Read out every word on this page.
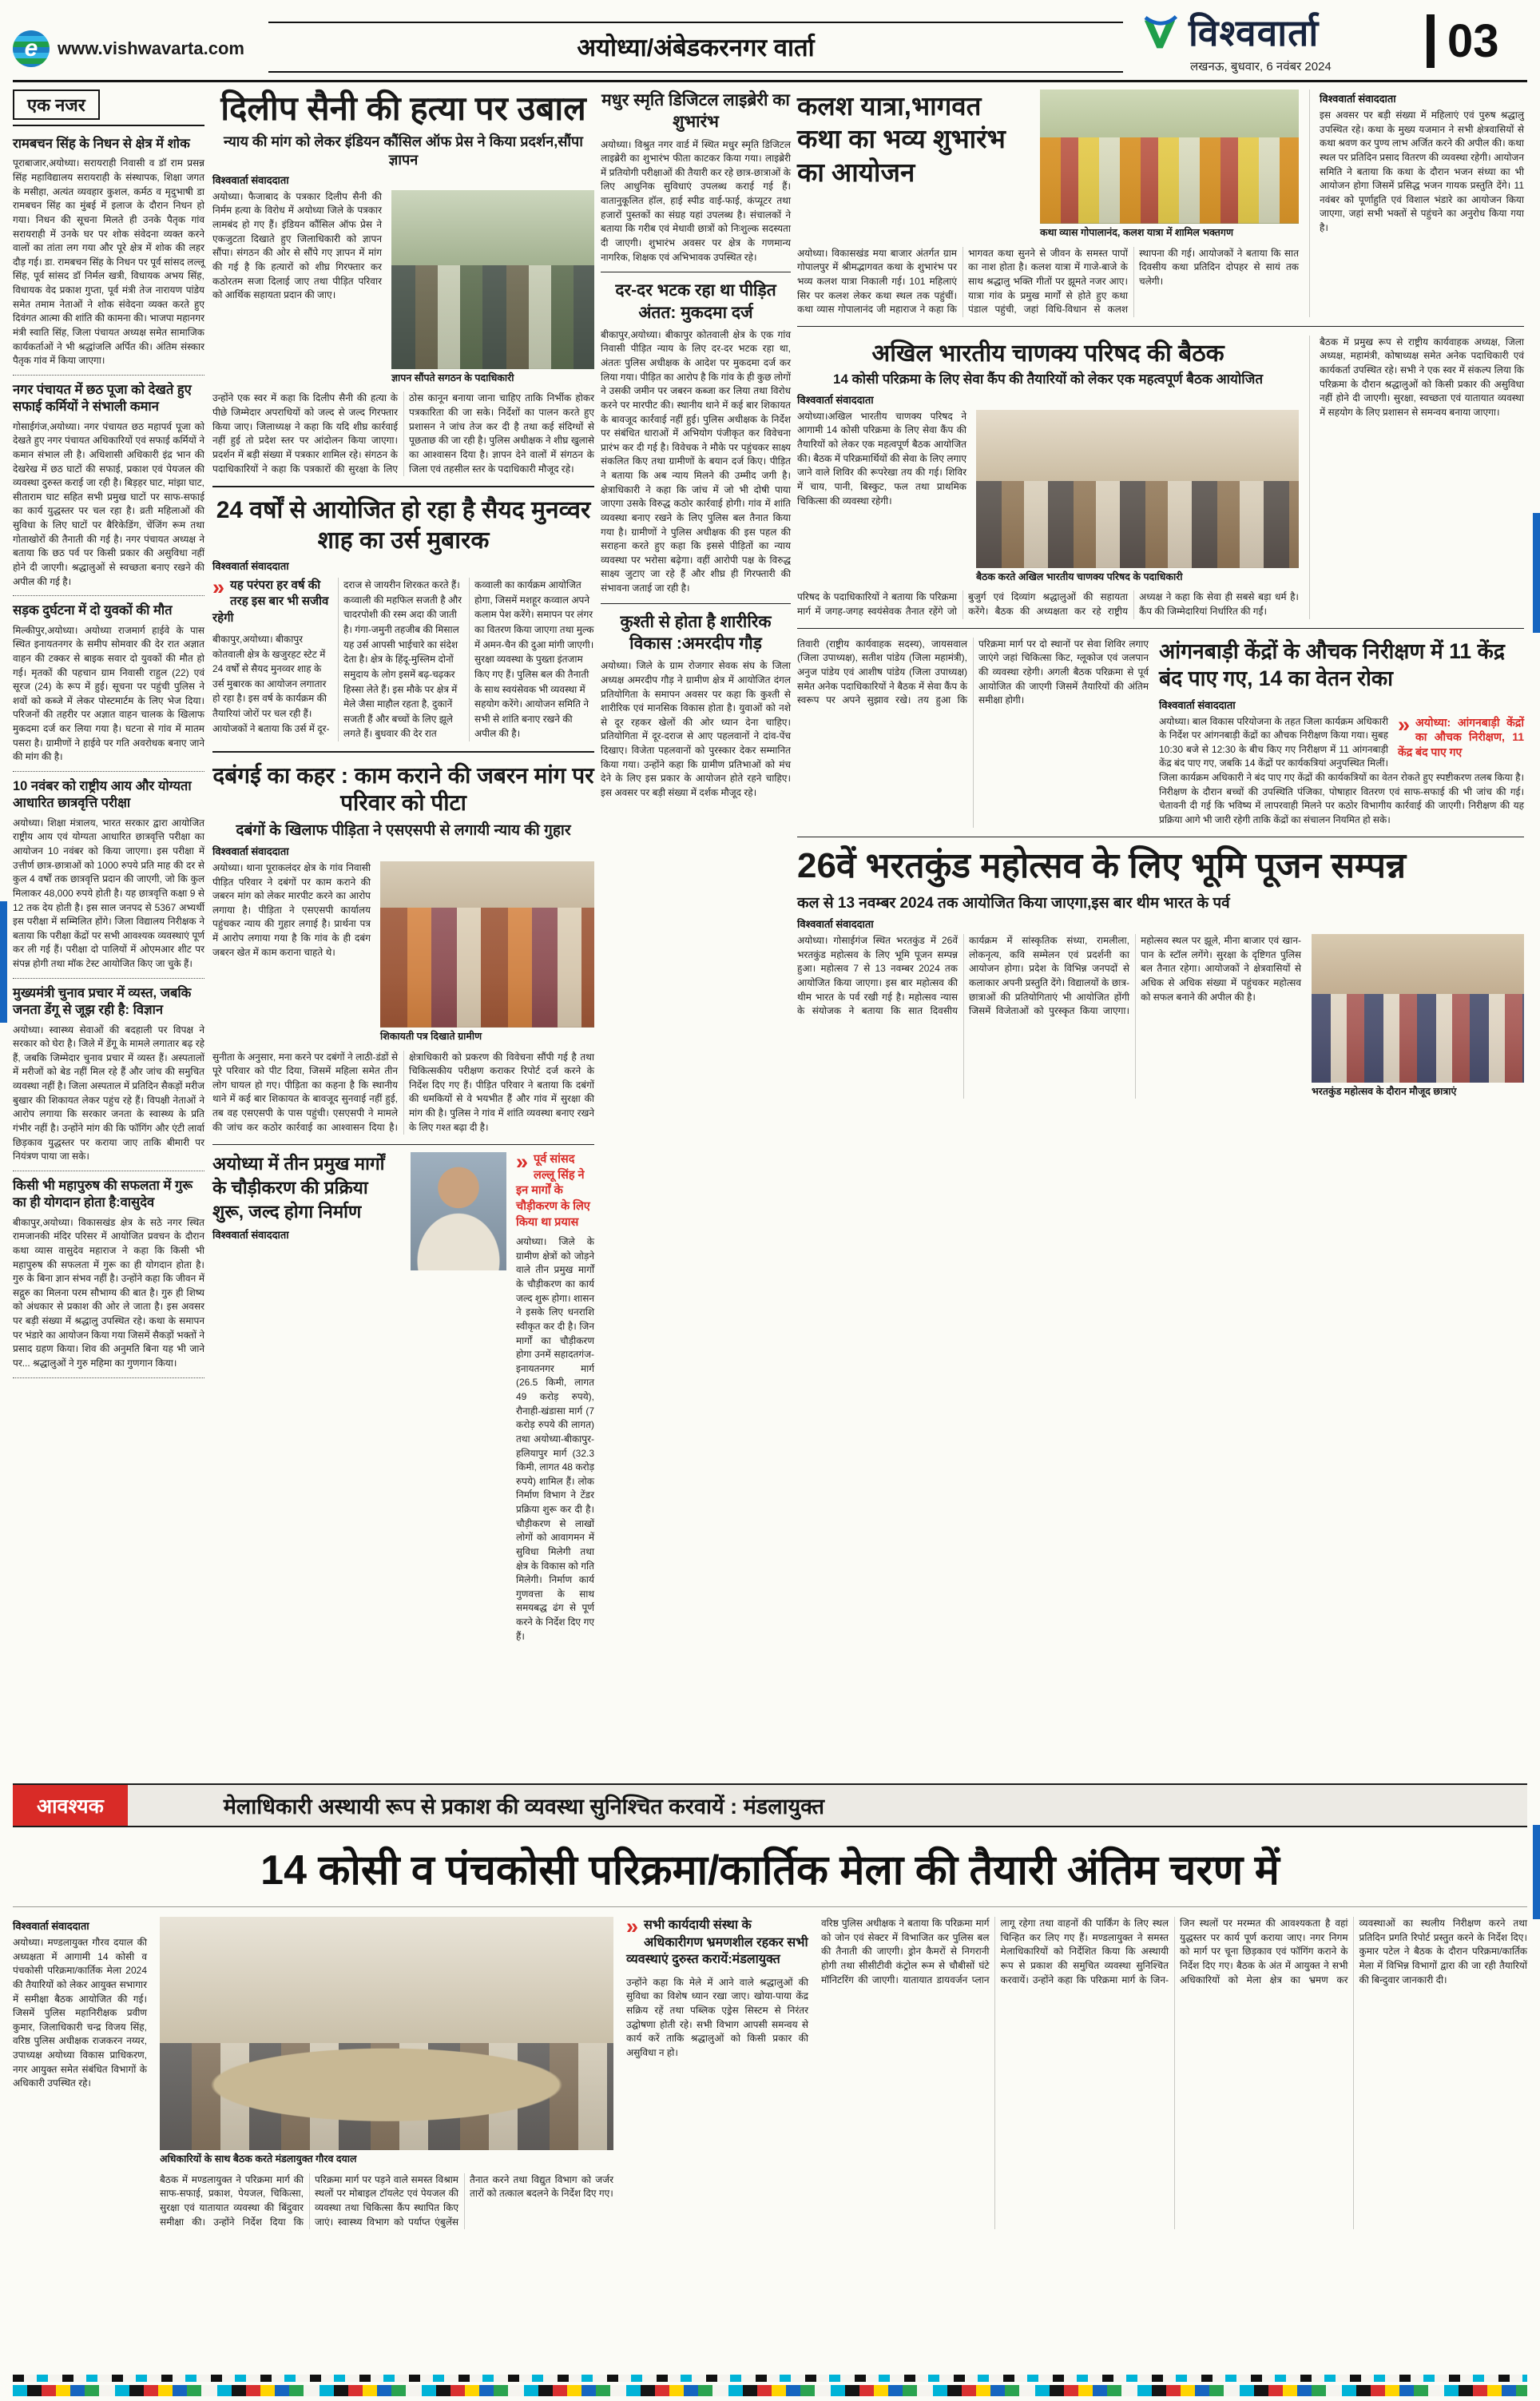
e	www.vishwavarta.com	अयोध्या/अंबेडकरनगर वार्ता	विश्ववार्ता
लखनऊ, बुधवार, 6 नवंबर 2024	03
एक नजर
रामबचन सिंह के निधन से क्षेत्र में शोक

पूराबाजार,अयोध्या। सरायराही निवासी व डॉ राम प्रसन्न सिंह महाविद्यालय सरायराही के संस्थापक, शिक्षा जगत के मसीहा, अत्यंत व्यवहार कुशल, कर्मठ व मृदुभाषी डा रामबचन सिंह का मुंबई में इलाज के दौरान निधन हो गया। निधन की सूचना मिलते ही उनके पैतृक गांव सरायराही में उनके घर पर शोक संवेदना व्यक्त करने वालों का तांता लग गया और पूरे क्षेत्र में शोक की लहर दौड़ गई। डा. रामबचन सिंह के निधन पर पूर्व सांसद लल्लू सिंह, पूर्व सांसद डॉ निर्मल खत्री, विधायक अभय सिंह, विधायक वेद प्रकाश गुप्ता, पूर्व मंत्री तेज नारायण पांडेय समेत तमाम नेताओं ने शोक संवेदना व्यक्त करते हुए दिवंगत आत्मा की शांति की कामना की। भाजपा महानगर मंत्री स्वाति सिंह, जिला पंचायत अध्यक्ष समेत सामाजिक कार्यकर्ताओं ने भी श्रद्धांजलि अर्पित की। अंतिम संस्कार पैतृक गांव में किया जाएगा।

नगर पंचायत में छठ पूजा को देखते हुए सफाई कर्मियों ने संभाली कमान

गोसाईगंज,अयोध्या। नगर पंचायत छठ महापर्व पूजा को देखते हुए नगर पंचायत अधिकारियों एवं सफाई कर्मियों ने कमान संभाल ली है। अधिशासी अधिकारी इंद्र भान की देखरेख में छठ घाटों की सफाई, प्रकाश एवं पेयजल की व्यवस्था दुरुस्त कराई जा रही है। बिड़हर घाट, मांझा घाट, सीताराम घाट सहित सभी प्रमुख घाटों पर साफ-सफाई का कार्य युद्धस्तर पर चल रहा है। व्रती महिलाओं की सुविधा के लिए घाटों पर बैरिकेडिंग, चेंजिंग रूम तथा गोताखोरों की तैनाती की गई है। नगर पंचायत अध्यक्ष ने बताया कि छठ पर्व पर किसी प्रकार की असुविधा नहीं होने दी जाएगी। श्रद्धालुओं से स्वच्छता बनाए रखने की अपील की गई है।

सड़क दुर्घटना में दो युवकों की मौत

मिल्कीपुर,अयोध्या। अयोध्या राजमार्ग हाईवे के पास स्थित इनायतनगर के समीप सोमवार की देर रात अज्ञात वाहन की टक्कर से बाइक सवार दो युवकों की मौत हो गई। मृतकों की पहचान ग्राम निवासी राहुल (22) एवं सूरज (24) के रूप में हुई। सूचना पर पहुंची पुलिस ने शवों को कब्जे में लेकर पोस्टमार्टम के लिए भेज दिया। परिजनों की तहरीर पर अज्ञात वाहन चालक के खिलाफ मुकदमा दर्ज कर लिया गया है। घटना से गांव में मातम पसरा है। ग्रामीणों ने हाईवे पर गति अवरोधक बनाए जाने की मांग की है।

10 नवंबर को राष्ट्रीय आय और योग्यता आधारित छात्रवृत्ति परीक्षा

अयोध्या। शिक्षा मंत्रालय, भारत सरकार द्वारा आयोजित राष्ट्रीय आय एवं योग्यता आधारित छात्रवृत्ति परीक्षा का आयोजन 10 नवंबर को किया जाएगा। इस परीक्षा में उत्तीर्ण छात्र-छात्राओं को 1000 रुपये प्रति माह की दर से कुल 4 वर्षों तक छात्रवृत्ति प्रदान की जाएगी, जो कि कुल मिलाकर 48,000 रुपये होती है। यह छात्रवृत्ति कक्षा 9 से 12 तक देय होती है। इस साल जनपद से 5367 अभ्यर्थी इस परीक्षा में सम्मिलित होंगे। जिला विद्यालय निरीक्षक ने बताया कि परीक्षा केंद्रों पर सभी आवश्यक व्यवस्थाएं पूर्ण कर ली गई हैं। परीक्षा दो पालियों में ओएमआर शीट पर संपन्न होगी तथा मॉक टेस्ट आयोजित किए जा चुके हैं।

मुख्यमंत्री चुनाव प्रचार में व्यस्त, जबकि जनता डेंगू से जूझ रही है: विज्ञान

अयोध्या। स्वास्थ्य सेवाओं की बदहाली पर विपक्ष ने सरकार को घेरा है। जिले में डेंगू के मामले लगातार बढ़ रहे हैं, जबकि जिम्मेदार चुनाव प्रचार में व्यस्त हैं। अस्पतालों में मरीजों को बेड नहीं मिल रहे हैं और जांच की समुचित व्यवस्था नहीं है। जिला अस्पताल में प्रतिदिन सैकड़ों मरीज बुखार की शिकायत लेकर पहुंच रहे हैं। विपक्षी नेताओं ने आरोप लगाया कि सरकार जनता के स्वास्थ्य के प्रति गंभीर नहीं है। उन्होंने मांग की कि फॉगिंग और एंटी लार्वा छिड़काव युद्धस्तर पर कराया जाए ताकि बीमारी पर नियंत्रण पाया जा सके।

किसी भी महापुरुष की सफलता में गुरू का ही योगदान होता है:वासुदेव

बीकापुर,अयोध्या। विकासखंड क्षेत्र के सठे नगर स्थित रामजानकी मंदिर परिसर में आयोजित प्रवचन के दौरान कथा व्यास वासुदेव महाराज ने कहा कि किसी भी महापुरुष की सफलता में गुरू का ही योगदान होता है। गुरु के बिना ज्ञान संभव नहीं है। उन्होंने कहा कि जीवन में सद्गुरु का मिलना परम सौभाग्य की बात है। गुरु ही शिष्य को अंधकार से प्रकाश की ओर ले जाता है। इस अवसर पर बड़ी संख्या में श्रद्धालु उपस्थित रहे। कथा के समापन पर भंडारे का आयोजन किया गया जिसमें सैकड़ों भक्तों ने प्रसाद ग्रहण किया। शिव की अनुमति बिना यह भी जाने पर... श्रद्धालुओं ने गुरु महिमा का गुणगान किया।

दिलीप सैनी की हत्या पर उबाल
न्याय की मांग को लेकर इंडियन कौंसिल ऑफ प्रेस ने किया प्रदर्शन,सौंपा ज्ञापन
विश्ववार्ता संवाददाता

अयोध्या। फैजाबाद के पत्रकार दिलीप सैनी की निर्मम हत्या के विरोध में अयोध्या जिले के पत्रकार लामबंद हो गए हैं। इंडियन कौंसिल ऑफ प्रेस ने एकजुटता दिखाते हुए जिलाधिकारी को ज्ञापन सौंपा। संगठन की ओर से सौंपे गए ज्ञापन में मांग की गई है कि हत्यारों को शीघ्र गिरफ्तार कर कठोरतम सजा दिलाई जाए तथा पीड़ित परिवार को आर्थिक सहायता प्रदान की जाए।

ज्ञापन सौंपते सगठन के पदाधिकारी
उन्होंने एक स्वर में कहा कि दिलीप सैनी की हत्या के पीछे जिम्मेदार अपराधियों को जल्द से जल्द गिरफ्तार किया जाए। जिलाध्यक्ष ने कहा कि यदि शीघ्र कार्रवाई नहीं हुई तो प्रदेश स्तर पर आंदोलन किया जाएगा। प्रदर्शन में बड़ी संख्या में पत्रकार शामिल रहे। संगठन के पदाधिकारियों ने कहा कि पत्रकारों की सुरक्षा के लिए ठोस कानून बनाया जाना चाहिए ताकि निर्भीक होकर पत्रकारिता की जा सके। निर्देशों का पालन करते हुए प्रशासन ने जांच तेज कर दी है तथा कई संदिग्धों से पूछताछ की जा रही है। पुलिस अधीक्षक ने शीघ्र खुलासे का आश्वासन दिया है। ज्ञापन देने वालों में संगठन के जिला एवं तहसील स्तर के पदाधिकारी मौजूद रहे।
24 वर्षों से आयोजित हो रहा है सैयद मुनव्वर शाह का उर्स मुबारक
विश्ववार्ता संवाददाता
» यह परंपरा हर वर्ष की तरह इस बार भी सजीव रहेगी
बीकापुर,अयोध्या। बीकापुर कोतवाली क्षेत्र के खजुरहट स्टेट में 24 वर्षों से सैयद मुनव्वर शाह के उर्स मुबारक का आयोजन लगातार हो रहा है। इस वर्ष के कार्यक्रम की तैयारियां जोरों पर चल रही हैं। आयोजकों ने बताया कि उर्स में दूर-दराज से जायरीन शिरकत करते हैं। कव्वाली की महफिल सजती है और चादरपोशी की रस्म अदा की जाती है। गंगा-जमुनी तहजीब की मिसाल यह उर्स आपसी भाईचारे का संदेश देता है। क्षेत्र के हिंदू-मुस्लिम दोनों समुदाय के लोग इसमें बढ़-चढ़कर हिस्सा लेते हैं। इस मौके पर क्षेत्र में मेले जैसा माहौल रहता है, दुकानें सजती हैं और बच्चों के लिए झूले लगते हैं। बुधवार की देर रात कव्वाली का कार्यक्रम आयोजित होगा, जिसमें मशहूर कव्वाल अपने कलाम पेश करेंगे। समापन पर लंगर का वितरण किया जाएगा तथा मुल्क में अमन-चैन की दुआ मांगी जाएगी। सुरक्षा व्यवस्था के पुख्ता इंतजाम किए गए हैं। पुलिस बल की तैनाती के साथ स्वयंसेवक भी व्यवस्था में सहयोग करेंगे। आयोजन समिति ने सभी से शांति बनाए रखने की अपील की है।
दबंगई का कहर : काम कराने की जबरन मांग पर परिवार को पीटा
दबंगों के खिलाफ पीड़िता ने एसएसपी से लगायी न्याय की गुहार
विश्ववार्ता संवाददाता

अयोध्या। थाना पूराकलंदर क्षेत्र के गांव निवासी पीड़ित परिवार ने दबंगों पर काम कराने की जबरन मांग को लेकर मारपीट करने का आरोप लगाया है। पीड़िता ने एसएसपी कार्यालय पहुंचकर न्याय की गुहार लगाई है। प्रार्थना पत्र में आरोप लगाया गया है कि गांव के ही दबंग जबरन खेत में काम कराना चाहते थे।

शिकायती पत्र दिखाते ग्रामीण
सुनीता के अनुसार, मना करने पर दबंगों ने लाठी-डंडों से पूरे परिवार को पीट दिया, जिसमें महिला समेत तीन लोग घायल हो गए। पीड़िता का कहना है कि स्थानीय थाने में कई बार शिकायत के बावजूद सुनवाई नहीं हुई, तब वह एसएसपी के पास पहुंची। एसएसपी ने मामले की जांच कर कठोर कार्रवाई का आश्वासन दिया है। क्षेत्राधिकारी को प्रकरण की विवेचना सौंपी गई है तथा चिकित्सकीय परीक्षण कराकर रिपोर्ट दर्ज करने के निर्देश दिए गए हैं। पीड़ित परिवार ने बताया कि दबंगों की धमकियों से वे भयभीत हैं और गांव में सुरक्षा की मांग की है। पुलिस ने गांव में शांति व्यवस्था बनाए रखने के लिए गश्त बढ़ा दी है।
अयोध्या में तीन प्रमुख मार्गों के चौड़ीकरण की प्रक्रिया शुरू, जल्द होगा निर्माण
विश्ववार्ता संवाददाता
» पूर्व सांसद लल्लू सिंह ने इन मार्गों के चौड़ीकरण के लिए किया था प्रयास

अयोध्या। जिले के ग्रामीण क्षेत्रों को जोड़ने वाले तीन प्रमुख मार्गों के चौड़ीकरण का कार्य जल्द शुरू होगा। शासन ने इसके लिए धनराशि स्वीकृत कर दी है। जिन मार्गों का चौड़ीकरण होगा उनमें सहादतगंज-इनायतनगर मार्ग (26.5 किमी, लागत 49 करोड़ रुपये), रौनाही-खंडासा मार्ग (7 करोड़ रुपये की लागत) तथा अयोध्या-बीकापुर-हलियापुर मार्ग (32.3 किमी, लागत 48 करोड़ रुपये) शामिल हैं। लोक निर्माण विभाग ने टेंडर प्रक्रिया शुरू कर दी है। चौड़ीकरण से लाखों लोगों को आवागमन में सुविधा मिलेगी तथा क्षेत्र के विकास को गति मिलेगी। निर्माण कार्य गुणवत्ता के साथ समयबद्ध ढंग से पूर्ण करने के निर्देश दिए गए हैं।

मधुर स्मृति डिजिटल लाइब्रेरी का शुभारंभ

अयोध्या। विश्रुत नगर वार्ड में स्थित मधुर स्मृति डिजिटल लाइब्रेरी का शुभारंभ फीता काटकर किया गया। लाइब्रेरी में प्रतियोगी परीक्षाओं की तैयारी कर रहे छात्र-छात्राओं के लिए आधुनिक सुविधाएं उपलब्ध कराई गई हैं। वातानुकूलित हॉल, हाई स्पीड वाई-फाई, कंप्यूटर तथा हजारों पुस्तकों का संग्रह यहां उपलब्ध है। संचालकों ने बताया कि गरीब एवं मेधावी छात्रों को निःशुल्क सदस्यता दी जाएगी। शुभारंभ अवसर पर क्षेत्र के गणमान्य नागरिक, शिक्षक एवं अभिभावक उपस्थित रहे।

दर-दर भटक रहा था पीड़ित अंतत: मुकदमा दर्ज

बीकापुर,अयोध्या। बीकापुर कोतवाली क्षेत्र के एक गांव निवासी पीड़ित न्याय के लिए दर-दर भटक रहा था, अंततः पुलिस अधीक्षक के आदेश पर मुकदमा दर्ज कर लिया गया। पीड़ित का आरोप है कि गांव के ही कुछ लोगों ने उसकी जमीन पर जबरन कब्जा कर लिया तथा विरोध करने पर मारपीट की। स्थानीय थाने में कई बार शिकायत के बावजूद कार्रवाई नहीं हुई। पुलिस अधीक्षक के निर्देश पर संबंधित धाराओं में अभियोग पंजीकृत कर विवेचना प्रारंभ कर दी गई है। विवेचक ने मौके पर पहुंचकर साक्ष्य संकलित किए तथा ग्रामीणों के बयान दर्ज किए। पीड़ित ने बताया कि अब न्याय मिलने की उम्मीद जगी है। क्षेत्राधिकारी ने कहा कि जांच में जो भी दोषी पाया जाएगा उसके विरुद्ध कठोर कार्रवाई होगी। गांव में शांति व्यवस्था बनाए रखने के लिए पुलिस बल तैनात किया गया है। ग्रामीणों ने पुलिस अधीक्षक की इस पहल की सराहना करते हुए कहा कि इससे पीड़ितों का न्याय व्यवस्था पर भरोसा बढ़ेगा। वहीं आरोपी पक्ष के विरुद्ध साक्ष्य जुटाए जा रहे हैं और शीघ्र ही गिरफ्तारी की संभावना जताई जा रही है।

कुश्ती से होता है शारीरिक विकास :अमरदीप गौड़

अयोध्या। जिले के ग्राम रोजगार सेवक संघ के जिला अध्यक्ष अमरदीप गौड़ ने ग्रामीण क्षेत्र में आयोजित दंगल प्रतियोगिता के समापन अवसर पर कहा कि कुश्ती से शारीरिक एवं मानसिक विकास होता है। युवाओं को नशे से दूर रहकर खेलों की ओर ध्यान देना चाहिए। प्रतियोगिता में दूर-दराज से आए पहलवानों ने दांव-पेंच दिखाए। विजेता पहलवानों को पुरस्कार देकर सम्मानित किया गया। उन्होंने कहा कि ग्रामीण प्रतिभाओं को मंच देने के लिए इस प्रकार के आयोजन होते रहने चाहिए। इस अवसर पर बड़ी संख्या में दर्शक मौजूद रहे।

कलश यात्रा,भागवत कथा का भव्य शुभारंभ का आयोजन
कथा व्यास गोपालानंद, कलश यात्रा में शामिल भक्तगण
अयोध्या। विकासखंड मया बाजार अंतर्गत ग्राम गोपालपुर में श्रीमद्भागवत कथा के शुभारंभ पर भव्य कलश यात्रा निकाली गई। 101 महिलाएं सिर पर कलश लेकर कथा स्थल तक पहुंचीं। कथा व्यास गोपालानंद जी महाराज ने कहा कि भागवत कथा सुनने से जीवन के समस्त पापों का नाश होता है। कलश यात्रा में गाजे-बाजे के साथ श्रद्धालु भक्ति गीतों पर झूमते नजर आए। यात्रा गांव के प्रमुख मार्गों से होते हुए कथा पंडाल पहुंची, जहां विधि-विधान से कलश स्थापना की गई। आयोजकों ने बताया कि सात दिवसीय कथा प्रतिदिन दोपहर से सायं तक चलेगी।
विश्ववार्ता संवाददाता

इस अवसर पर बड़ी संख्या में महिलाएं एवं पुरुष श्रद्धालु उपस्थित रहे। कथा के मुख्य यजमान ने सभी क्षेत्रवासियों से कथा श्रवण कर पुण्य लाभ अर्जित करने की अपील की। कथा स्थल पर प्रतिदिन प्रसाद वितरण की व्यवस्था रहेगी। आयोजन समिति ने बताया कि कथा के दौरान भजन संध्या का भी आयोजन होगा जिसमें प्रसिद्ध भजन गायक प्रस्तुति देंगे। 11 नवंबर को पूर्णाहुति एवं विशाल भंडारे का आयोजन किया जाएगा, जहां सभी भक्तों से पहुंचने का अनुरोध किया गया है।

अखिल भारतीय चाणक्य परिषद की बैठक
14 कोसी परिक्रमा के लिए सेवा कैंप की तैयारियों को लेकर एक महत्वपूर्ण बैठक आयोजित
विश्ववार्ता संवाददाता

अयोध्या।अखिल भारतीय चाणक्य परिषद ने आगामी 14 कोसी परिक्रमा के लिए सेवा कैंप की तैयारियों को लेकर एक महत्वपूर्ण बैठक आयोजित की। बैठक में परिक्रमार्थियों की सेवा के लिए लगाए जाने वाले शिविर की रूपरेखा तय की गई। शिविर में चाय, पानी, बिस्कुट, फल तथा प्राथमिक चिकित्सा की व्यवस्था रहेगी।

बैठक करते अखिल भारतीय चाणक्य परिषद के पदाधिकारी
परिषद के पदाधिकारियों ने बताया कि परिक्रमा मार्ग में जगह-जगह स्वयंसेवक तैनात रहेंगे जो बुजुर्ग एवं दिव्यांग श्रद्धालुओं की सहायता करेंगे। बैठक की अध्यक्षता कर रहे राष्ट्रीय अध्यक्ष ने कहा कि सेवा ही सबसे बड़ा धर्म है। कैंप की जिम्मेदारियां निर्धारित की गईं।

बैठक में प्रमुख रूप से राष्ट्रीय कार्यवाहक अध्यक्ष, जिला अध्यक्ष, महामंत्री, कोषाध्यक्ष समेत अनेक पदाधिकारी एवं कार्यकर्ता उपस्थित रहे। सभी ने एक स्वर में संकल्प लिया कि परिक्रमा के दौरान श्रद्धालुओं को किसी प्रकार की असुविधा नहीं होने दी जाएगी। सुरक्षा, स्वच्छता एवं यातायात व्यवस्था में सहयोग के लिए प्रशासन से समन्वय बनाया जाएगा।

तिवारी (राष्ट्रीय कार्यवाहक सदस्य), जायसवाल (जिला उपाध्यक्ष), सतीश पांडेय (जिला महामंत्री), अनुज पांडेय एवं आशीष पांडेय (जिला उपाध्यक्ष) समेत अनेक पदाधिकारियों ने बैठक में सेवा कैंप के स्वरूप पर अपने सुझाव रखे। तय हुआ कि परिक्रमा मार्ग पर दो स्थानों पर सेवा शिविर लगाए जाएंगे जहां चिकित्सा किट, ग्लूकोज एवं जलपान की व्यवस्था रहेगी। अगली बैठक परिक्रमा से पूर्व आयोजित की जाएगी जिसमें तैयारियों की अंतिम समीक्षा होगी।
आंगनबाड़ी केंद्रों के औचक निरीक्षण में 11 केंद्र बंद पाए गए, 14 का वेतन रोका
विश्ववार्ता संवाददाता
» अयोध्या: आंगनबाड़ी केंद्रों का औचक निरीक्षण, 11 केंद्र बंद पाए गए
अयोध्या। बाल विकास परियोजना के तहत जिला कार्यक्रम अधिकारी के निर्देश पर आंगनबाड़ी केंद्रों का औचक निरीक्षण किया गया। सुबह 10:30 बजे से 12:30 के बीच किए गए निरीक्षण में 11 आंगनबाड़ी केंद्र बंद पाए गए, जबकि 14 केंद्रों पर कार्यकत्रियां अनुपस्थित मिलीं। जिला कार्यक्रम अधिकारी ने बंद पाए गए केंद्रों की कार्यकत्रियों का वेतन रोकते हुए स्पष्टीकरण तलब किया है। निरीक्षण के दौरान बच्चों की उपस्थिति पंजिका, पोषाहार वितरण एवं साफ-सफाई की भी जांच की गई। चेतावनी दी गई कि भविष्य में लापरवाही मिलने पर कठोर विभागीय कार्रवाई की जाएगी। निरीक्षण की यह प्रक्रिया आगे भी जारी रहेगी ताकि केंद्रों का संचालन नियमित हो सके।
26वें भरतकुंड महोत्सव के लिए भूमि पूजन सम्पन्न
कल से 13 नवम्बर 2024 तक आयोजित किया जाएगा,इस बार थीम भारत के पर्व
विश्ववार्ता संवाददाता
अयोध्या। गोसाईगंज स्थित भरतकुंड में 26वें भरतकुंड महोत्सव के लिए भूमि पूजन सम्पन्न हुआ। महोत्सव 7 से 13 नवम्बर 2024 तक आयोजित किया जाएगा। इस बार महोत्सव की थीम भारत के पर्व रखी गई है। महोत्सव न्यास के संयोजक ने बताया कि सात दिवसीय कार्यक्रम में सांस्कृतिक संध्या, रामलीला, लोकनृत्य, कवि सम्मेलन एवं प्रदर्शनी का आयोजन होगा। प्रदेश के विभिन्न जनपदों से कलाकार अपनी प्रस्तुति देंगे। विद्यालयों के छात्र-छात्राओं की प्रतियोगिताएं भी आयोजित होंगी जिसमें विजेताओं को पुरस्कृत किया जाएगा। महोत्सव स्थल पर झूले, मीना बाजार एवं खान-पान के स्टॉल लगेंगे। सुरक्षा के दृष्टिगत पुलिस बल तैनात रहेगा। आयोजकों ने क्षेत्रवासियों से अधिक से अधिक संख्या में पहुंचकर महोत्सव को सफल बनाने की अपील की है।
भरतकुंड महोत्सव के दौरान मौजूद छात्राएं
आवश्यक	मेलाधिकारी अस्थायी रूप से प्रकाश की व्यवस्था सुनिश्चित करवायें : मंडलायुक्त
14 कोसी व पंचकोसी परिक्रमा/कार्तिक मेला की तैयारी अंतिम चरण में
विश्ववार्ता संवाददाता

अयोध्या। मण्डलायुक्त गौरव दयाल की अध्यक्षता में आगामी 14 कोसी व पंचकोसी परिक्रमा/कार्तिक मेला 2024 की तैयारियों को लेकर आयुक्त सभागार में समीक्षा बैठक आयोजित की गई। जिसमें पुलिस महानिरीक्षक प्रवीण कुमार, जिलाधिकारी चन्द्र विजय सिंह, वरिष्ठ पुलिस अधीक्षक राजकरन नय्यर, उपाध्यक्ष अयोध्या विकास प्राधिकरण, नगर आयुक्त समेत संबंधित विभागों के अधिकारी उपस्थित रहे।

अधिकारियों के साथ बैठक करते मंडलायुक्त गौरव दयाल
बैठक में मण्डलायुक्त ने परिक्रमा मार्ग की साफ-सफाई, प्रकाश, पेयजल, चिकित्सा, सुरक्षा एवं यातायात व्यवस्था की बिंदुवार समीक्षा की। उन्होंने निर्देश दिया कि परिक्रमा मार्ग पर पड़ने वाले समस्त विश्राम स्थलों पर मोबाइल टॉयलेट एवं पेयजल की व्यवस्था तथा चिकित्सा कैंप स्थापित किए जाएं। स्वास्थ्य विभाग को पर्याप्त एंबुलेंस तैनात करने तथा विद्युत विभाग को जर्जर तारों को तत्काल बदलने के निर्देश दिए गए।
» सभी कार्यदायी संस्था के अधिकारीगण भ्रमणशील रहकर सभी व्यवस्थाएं दुरुस्त करायें:मंडलायुक्त

उन्होंने कहा कि मेले में आने वाले श्रद्धालुओं की सुविधा का विशेष ध्यान रखा जाए। खोया-पाया केंद्र सक्रिय रहें तथा पब्लिक एड्रेस सिस्टम से निरंतर उद्घोषणा होती रहे। सभी विभाग आपसी समन्वय से कार्य करें ताकि श्रद्धालुओं को किसी प्रकार की असुविधा न हो।

वरिष्ठ पुलिस अधीक्षक ने बताया कि परिक्रमा मार्ग को जोन एवं सेक्टर में विभाजित कर पुलिस बल की तैनाती की जाएगी। ड्रोन कैमरों से निगरानी होगी तथा सीसीटीवी कंट्रोल रूम से चौबीसों घंटे मॉनिटरिंग की जाएगी। यातायात डायवर्जन प्लान लागू रहेगा तथा वाहनों की पार्किंग के लिए स्थल चिन्हित कर लिए गए हैं। मण्डलायुक्त ने समस्त मेलाधिकारियों को निर्देशित किया कि अस्थायी रूप से प्रकाश की समुचित व्यवस्था सुनिश्चित करवायें। उन्होंने कहा कि परिक्रमा मार्ग के जिन-जिन स्थलों पर मरम्मत की आवश्यकता है वहां युद्धस्तर पर कार्य पूर्ण कराया जाए। नगर निगम को मार्ग पर चूना छिड़काव एवं फॉगिंग कराने के निर्देश दिए गए। बैठक के अंत में आयुक्त ने सभी अधिकारियों को मेला क्षेत्र का भ्रमण कर व्यवस्थाओं का स्थलीय निरीक्षण करने तथा प्रतिदिन प्रगति रिपोर्ट प्रस्तुत करने के निर्देश दिए। कुमार पटेल ने बैठक के दौरान परिक्रमा/कार्तिक मेला में विभिन्न विभागों द्वारा की जा रही तैयारियों की बिन्दुवार जानकारी दी।
